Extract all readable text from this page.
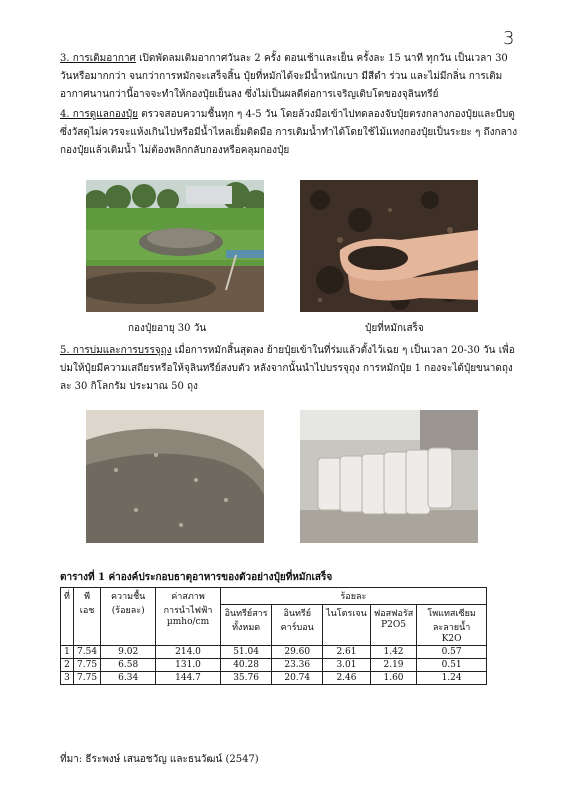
3
3. การเติมอากาศ เปิดพัดลมเติมอากาศวันละ 2 ครั้ง ตอนเช้าและเย็น ครั้งละ 15 นาที ทุกวัน เป็นเวลา 30 วันหรือมากกว่า จนกว่าการหมักจะเสร็จสิ้น ปุ๋ยที่หมักได้จะมีน้ำหนักเบา มีสีดำ ร่วน และไม่มีกลิ่น การเติมอากาศนานกว่านี้อาจจะทำให้กองปุ๋ยเย็นลง ซึ่งไม่เป็นผลดีต่อการเจริญเติบโตของจุลินทรีย์
4. การดูแลกองปุ๋ย ตรวจสอบความชื้นทุก ๆ 4-5 วัน โดยล้วงมือเข้าไปทดลองจับปุ๋ยตรงกลางกองปุ๋ยและบีบดู ซึ่งวัสดุไม่ควรจะแห้งเกินไปหรือมีน้ำไหลเยิ้มติดมือ การเติมน้ำทำได้โดยใช้ไม้แทงกองปุ๋ยเป็นระยะ ๆ ถึงกลางกองปุ๋ยแล้วเติมน้ำ ไม่ต้องพลิกกลับกองหรือคลุมกองปุ๋ย
กองปุ๋ยอายุ 30 วัน	ปุ๋ยที่หมักเสร็จ
5. การบ่มและการบรรจุถุง เมื่อการหมักสิ้นสุดลง ย้ายปุ๋ยเข้าในที่ร่มแล้วตั้งไว้เฉย ๆ เป็นเวลา 20-30 วัน เพื่อบ่มให้ปุ๋ยมีความเสถียรหรือให้จุลินทรีย์สงบตัว หลังจากนั้นนำไปบรรจุถุง การหมักปุ๋ย 1 กองจะได้ปุ๋ยขนาดถุงละ 30 กิโลกรัม ประมาณ 50 ถุง
ตารางที่ 1 ค่าองค์ประกอบธาตุอาหารของตัวอย่างปุ๋ยที่หมักเสร็จ
ที่	พีเอช	ความชื้น (ร้อยละ)	ค่าสภาพการนำไฟฟ้า
µmho/cm	ร้อยละ				
				อินทรีย์สารทั้งหมด	อินทรีย์คาร์บอน	ไนโตรเจน	ฟอสฟอรัส
P2O5	โพแทสเซียมละลายน้ำ
K2O
1	7.54	9.02	214.0	51.04	29.60	2.61	1.42	0.57
2	7.75	6.58	131.0	40.28	23.36	3.01	2.19	0.51
3	7.75	6.34	144.7	35.76	20.74	2.46	1.60	1.24
ที่มา: ธีระพงษ์ เสนอชวัญ และธนวัฒน์ (2547)
